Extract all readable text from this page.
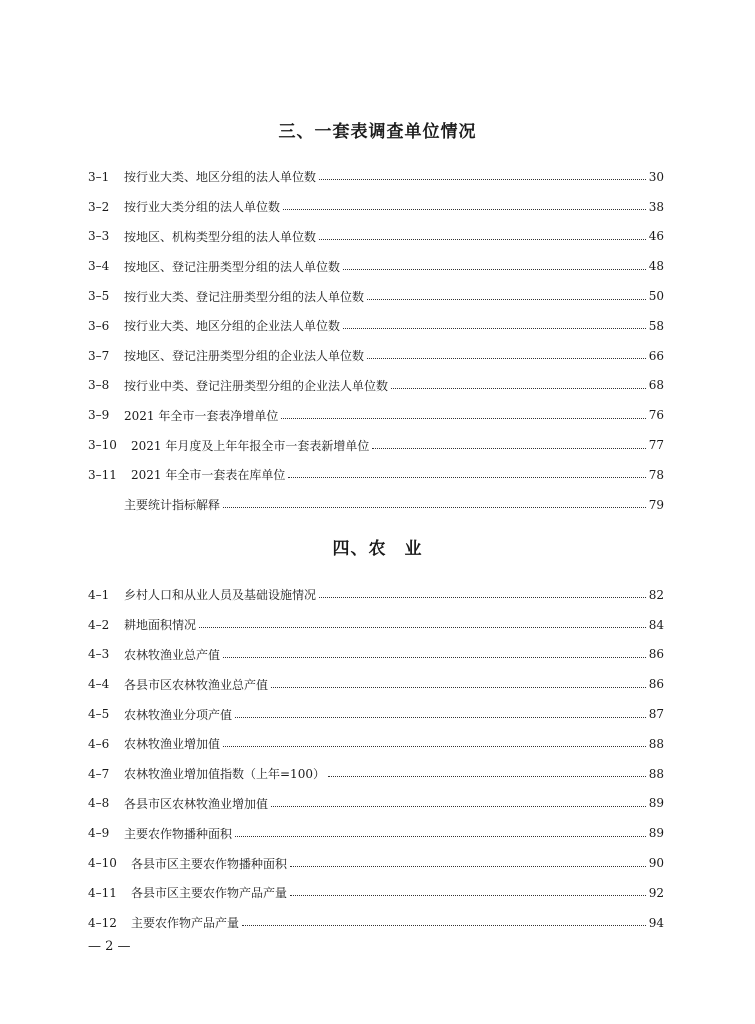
三、一套表调查单位情况
3–1	按行业大类、地区分组的法人单位数	30
3–2	按行业大类分组的法人单位数	38
3–3	按地区、机构类型分组的法人单位数	46
3–4	按地区、登记注册类型分组的法人单位数	48
3–5	按行业大类、登记注册类型分组的法人单位数	50
3–6	按行业大类、地区分组的企业法人单位数	58
3–7	按地区、登记注册类型分组的企业法人单位数	66
3–8	按行业中类、登记注册类型分组的企业法人单位数	68
3–9	2021 年全市一套表净增单位	76
3–10	2021 年月度及上年年报全市一套表新增单位	77
3–11	2021 年全市一套表在库单位	78
主要统计指标解释	79
四、农　业
4–1	乡村人口和从业人员及基础设施情况	82
4–2	耕地面积情况	84
4–3	农林牧渔业总产值	86
4–4	各县市区农林牧渔业总产值	86
4–5	农林牧渔业分项产值	87
4–6	农林牧渔业增加值	88
4–7	农林牧渔业增加值指数（上年=100）	88
4–8	各县市区农林牧渔业增加值	89
4–9	主要农作物播种面积	89
4–10	各县市区主要农作物播种面积	90
4–11	各县市区主要农作物产品产量	92
4–12	主要农作物产品产量	94
— 2 —
